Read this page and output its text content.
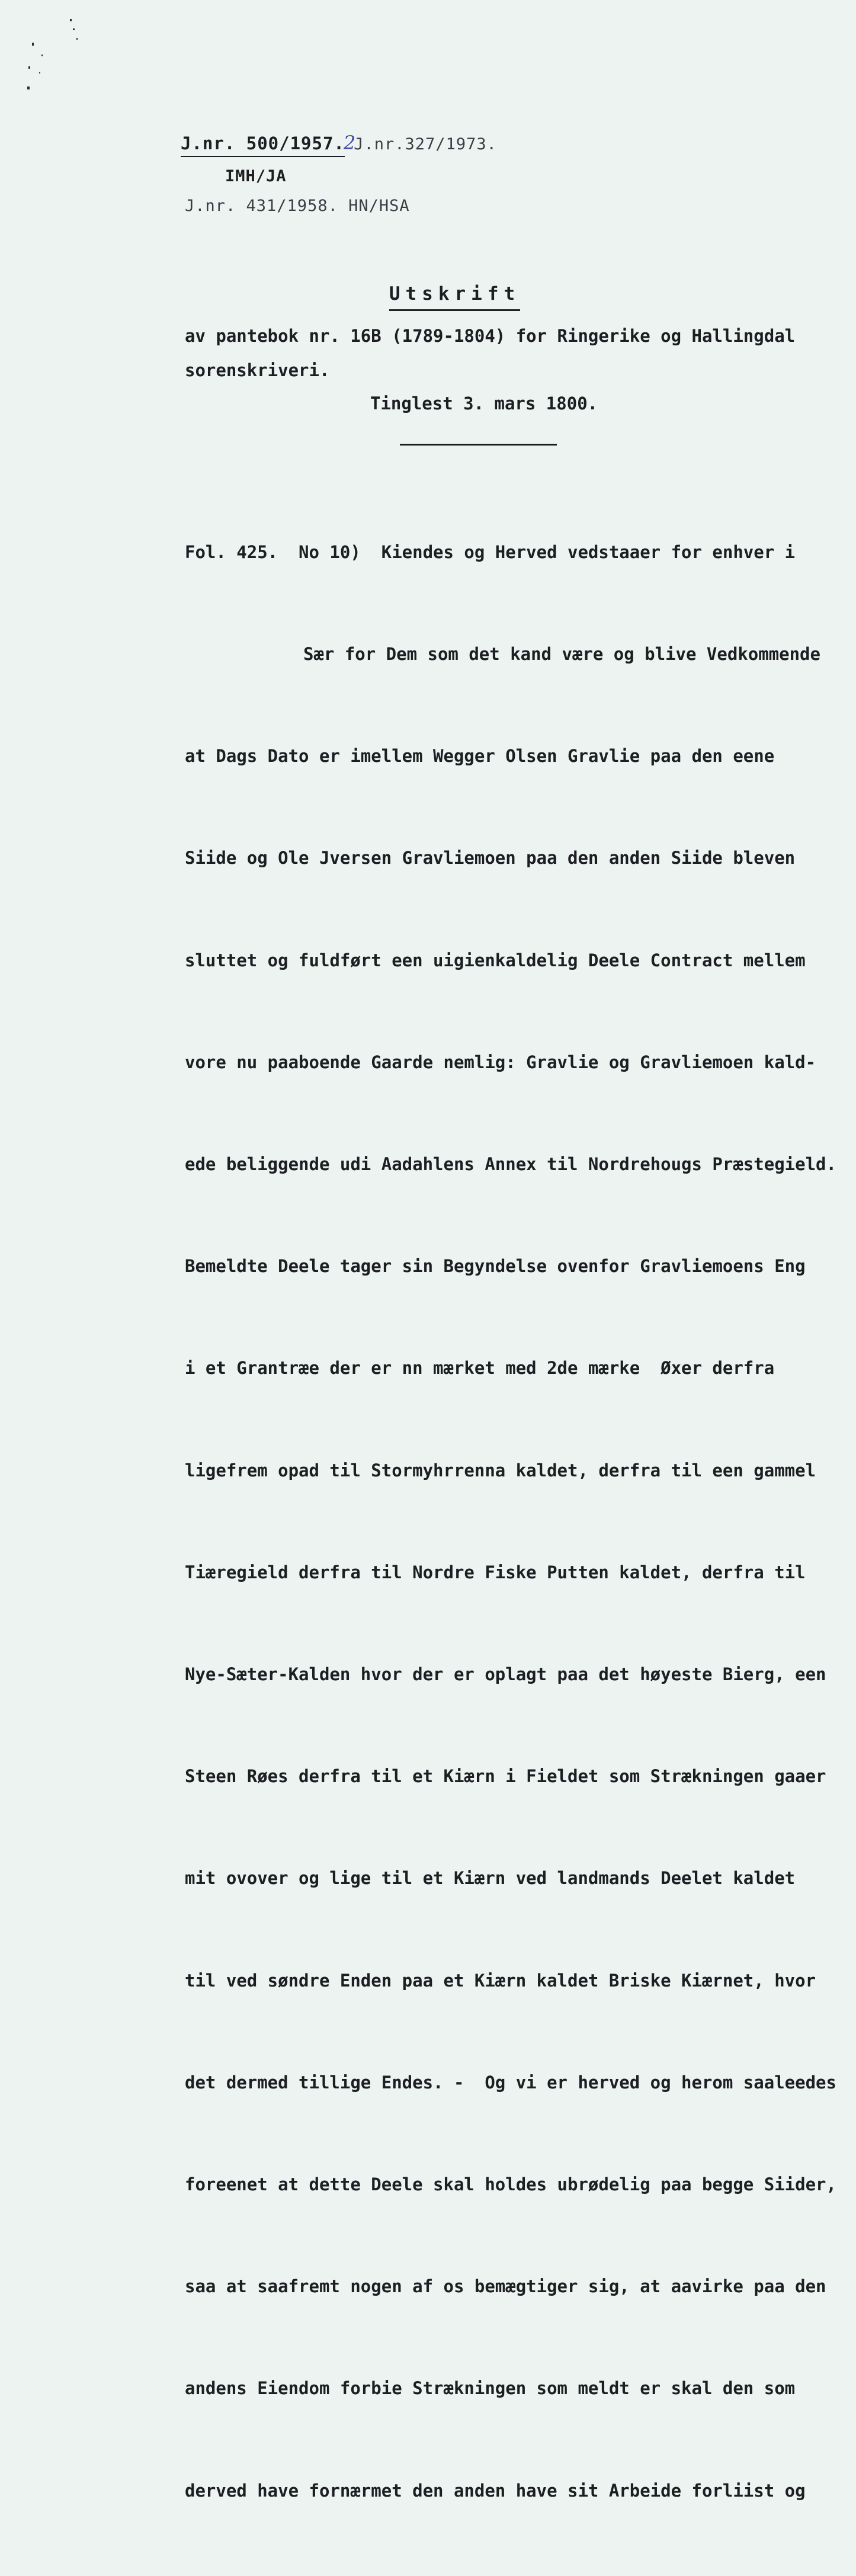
J.nr. 500/1957.2J.nr.327/1973.
IMH/JA
J.nr. 431/1958. HN/HSA
Utskrift
av pantebok nr. 16B (1789-1804) for Ringerike og Hallingdal
sorenskriveri.
Tinglest 3. mars 1800.

Fol. 425.  No 10)  Kiendes og Herved vedstaaer for enhver i

Sær for Dem som det kand være og blive Vedkommende

at Dags Dato er imellem Wegger Olsen Gravlie paa den eene

Siide og Ole Jversen Gravliemoen paa den anden Siide bleven

sluttet og fuldført een uigienkaldelig Deele Contract mellem

vore nu paaboende Gaarde nemlig: Gravlie og Gravliemoen kald-

ede beliggende udi Aadahlens Annex til Nordrehougs Præstegield.

Bemeldte Deele tager sin Begyndelse ovenfor Gravliemoens Eng

i et Grantræe der er nn mærket med 2de mærke  Øxer derfra

ligefrem opad til Stormyhrrenna kaldet, derfra til een gammel

Tiæregield derfra til Nordre Fiske Putten kaldet, derfra til

Nye-Sæter-Kalden hvor der er oplagt paa det høyeste Bierg, een

Steen Røes derfra til et Kiærn i Fieldet som Strækningen gaaer

mit ovover og lige til et Kiærn ved landmands Deelet kaldet

til ved søndre Enden paa et Kiærn kaldet Briske Kiærnet, hvor

det dermed tillige Endes. -  Og vi er herved og herom saaleedes

foreenet at dette Deele skal holdes ubrødelig paa begge Siider,

saa at saafremt nogen af os bemægtiger sig, at aavirke paa den

andens Eiendom forbie Strækningen som meldt er skal den som

derved have fornærmet den anden have sit Arbeide forliist og
